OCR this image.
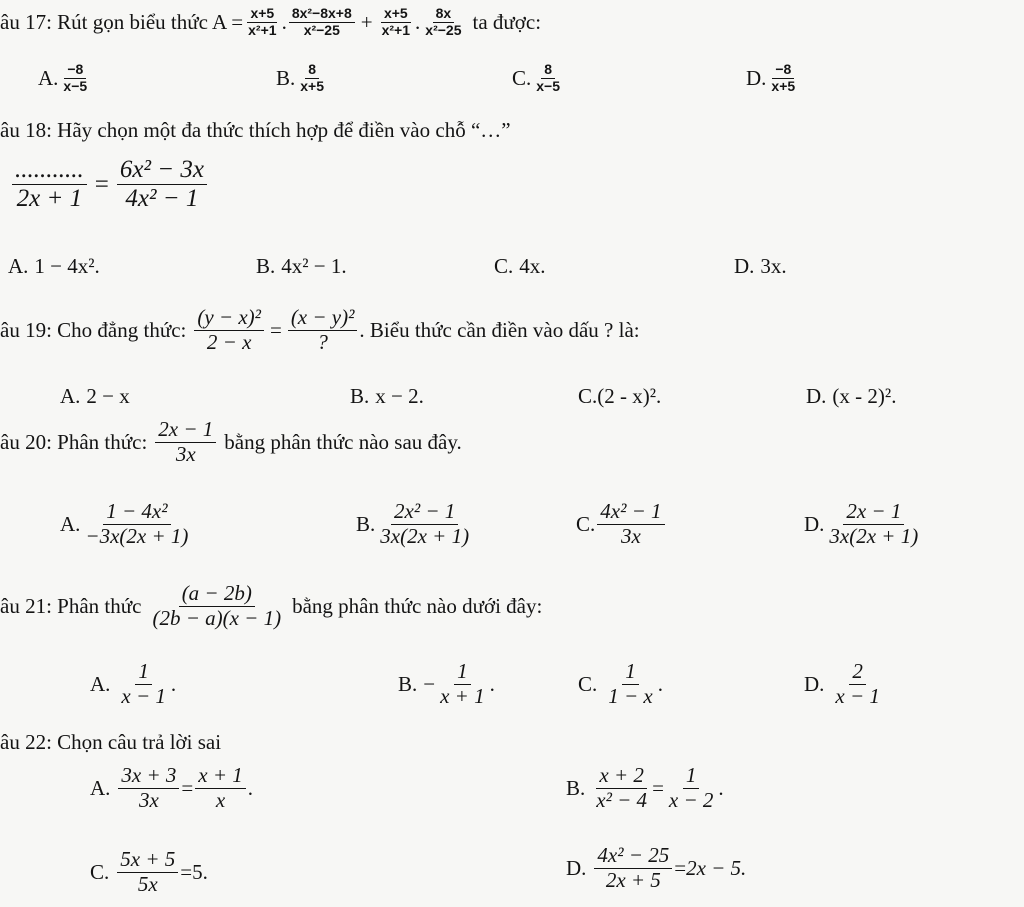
âu 17: Rút gọn biểu thức $A = \frac{x+5}{\text{x²+1}}$ . $\frac{\text{8x²−8x+8}}{\text{x²−25}} + \frac{x+5}{\text{x²+1}}$ . $\frac{8x}{\text{x²−25}}$ ta được:
A. $\frac{-8}{x-5}$	B. $\frac{8}{x+5}$	C. $\frac{8}{x-5}$	D. $\frac{-8}{x+5}$
âu 18: Hãy chọn một đa thức thích hợp để điền vào chỗ “…”
$\frac{...........}{2x + 1} = \frac{\text{6x² − 3x}}{\text{4x² − 1}}$
A. 1 − 4x².	B. 4x² − 1.	C. 4x.	D. 3x.
âu 19: Cho đẳng thức: $\frac{\text{(y − x)²}}{2 - x} = \frac{\text{(x − y)²}}{?}$ . Biểu thức cần điền vào dấu ? là:
A. 2 − x	B. x − 2.	C. (2 - x)².	D. (x - 2)².
âu 20: Phân thức: $\frac{2x - 1}{3x}$ bằng phân thức nào sau đây.
A. $\frac{\text{1 − 4x²}}{-3x(2x + 1)}$	B. $\frac{\text{2x² − 1}}{3x(2x + 1)}$	C. $\frac{\text{4x² − 1}}{3x}$	D. $\frac{2x - 1}{3x(2x + 1)}$
âu 21: Phân thức $\frac{(a - 2b)}{(2b - a)(x - 1)}$ bằng phân thức nào dưới đây:
A. $\frac{1}{x - 1}$ .	B. − $\frac{1}{x + 1}$ .	C. $\frac{1}{1 - x}$ .	D. $\frac{2}{x - 1}$
âu 22: Chọn câu trả lời sai
A. $\frac{3x + 3}{3x} = \frac{x + 1}{x}$ .	B. $\frac{x + 2}{\text{x² − 4}} = \frac{1}{x - 2}$ .
C. $\frac{5x + 5}{5x} = 5$.	D. $\frac{\text{4x² − 25}}{2x + 5} = 2x - 5$.
